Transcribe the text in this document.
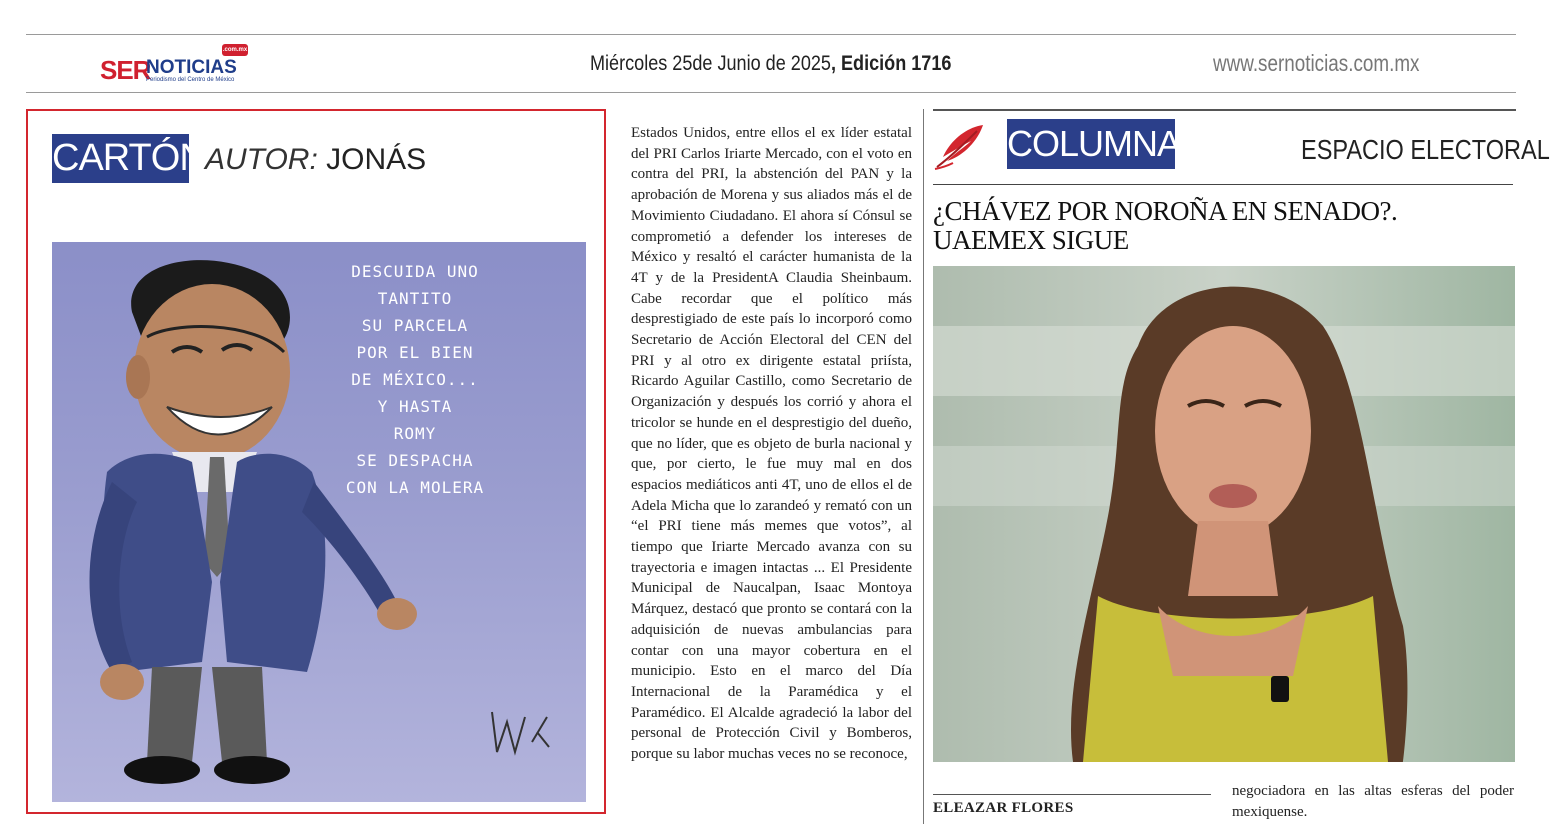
SER
NOTICIAS
.com.mx
Periodismo del Centro de México
Miércoles 25de Junio de 2025, Edición 1716	www.sernoticias.com.mx
CARTÓN AUTOR: JONÁS
DESCUIDA UNO
TANTITO
SU PARCELA
POR EL BIEN
DE MÉXICO...
Y HASTA
ROMY
SE DESPACHA
CON LA MOLERA
Estados Unidos, entre ellos el ex líder estatal del PRI Carlos Iriarte Mercado, con el voto en contra del PRI, la abstención del PAN y la aprobación de Morena y sus aliados más el de Movimiento Ciudadano. El ahora sí Cónsul se comprometió a defender los intereses de México y resaltó el carácter humanista de la 4T y de la PresidentA Claudia Sheinbaum. Cabe recordar que el político más desprestigiado de este país lo incorporó como Secretario de Acción Electoral del CEN del PRI y al otro ex dirigente estatal priísta, Ricardo Aguilar Castillo, como Secretario de Organización y después los corrió y ahora el tricolor se hunde en el desprestigio del dueño, que no líder, que es objeto de burla nacional y que, por cierto, le fue muy mal en dos espacios mediáticos anti 4T, uno de ellos el de Adela Micha que lo zarandeó y remató con un “el PRI tiene más memes que votos”, al tiempo que Iriarte Mercado avanza con su trayectoria e imagen intactas ... El Presidente Municipal de Naucalpan, Isaac Montoya Márquez, destacó que pronto se contará con la adquisición de nuevas ambulancias para contar con una mayor cobertura en el municipio. Esto en el marco del Día Internacional de la Paramédica y el Paramédico. El Alcalde agradeció la labor del personal de Protección Civil y Bomberos, porque su labor muchas veces no se reconoce,
COLUMNA	ESPACIO ELECTORAL
¿CHÁVEZ POR NOROÑA EN SENADO?. UAEMEX SIGUE
ELEAZAR FLORES
negociadora en las altas esferas del poder mexiquense.
